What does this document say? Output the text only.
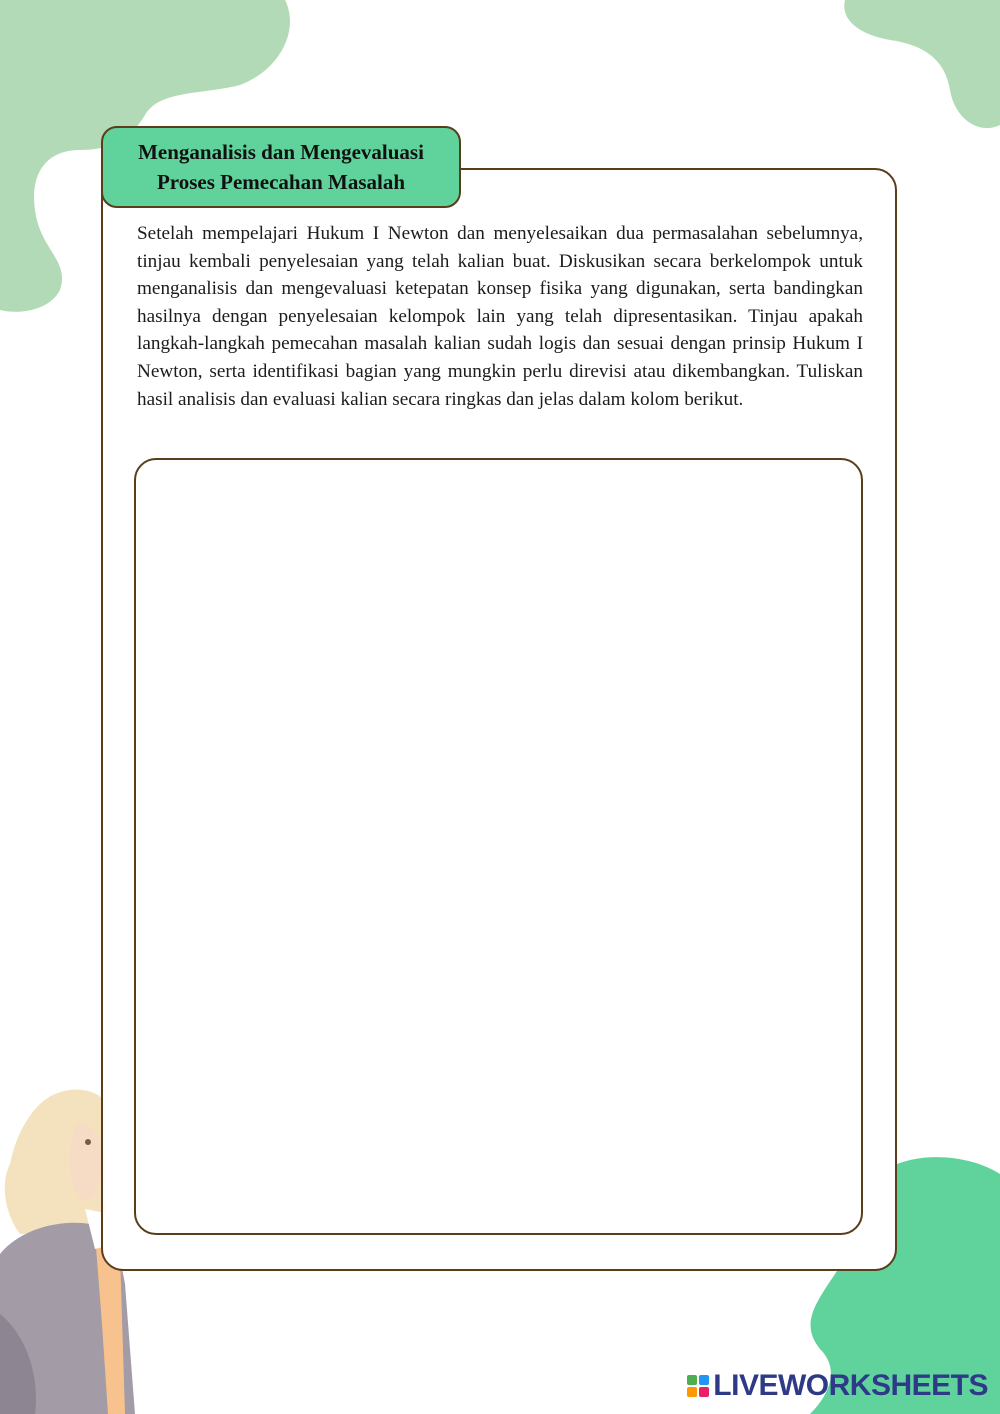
Menganalisis dan Mengevaluasi
Proses Pemecahan Masalah

Setelah mempelajari Hukum I Newton dan menyelesaikan dua permasalahan sebelumnya, tinjau kembali penyelesaian yang telah kalian buat. Diskusikan secara berkelompok untuk menganalisis dan mengevaluasi ketepatan konsep fisika yang digunakan, serta bandingkan hasilnya dengan penyelesaian kelompok lain yang telah dipresentasikan. Tinjau apakah langkah-langkah pemecahan masalah kalian sudah logis dan sesuai dengan prinsip Hukum I Newton, serta identifikasi bagian yang mungkin perlu direvisi atau dikembangkan. Tuliskan hasil analisis dan evaluasi kalian secara ringkas dan jelas dalam kolom berikut.

LIVEWORKSHEETS
